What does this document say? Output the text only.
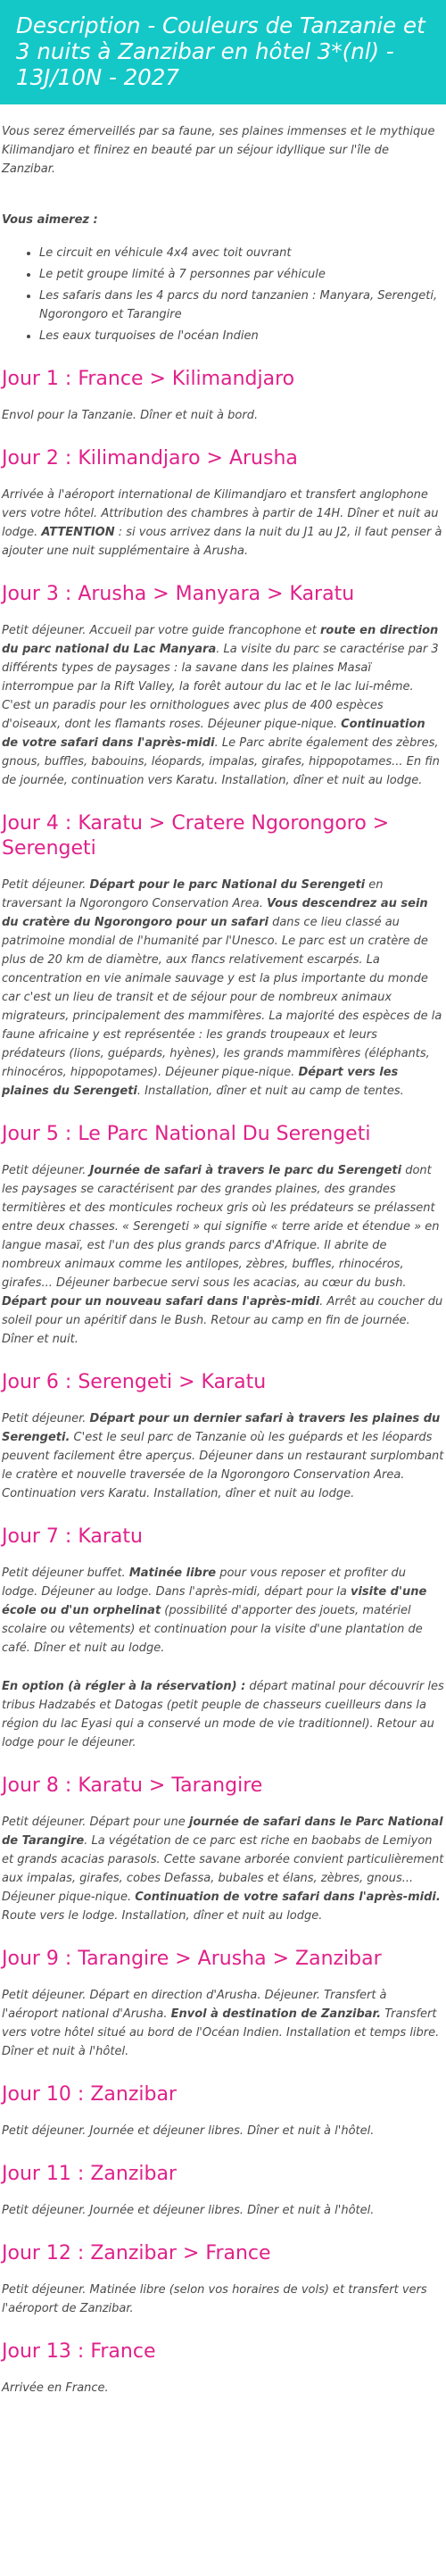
Description - Couleurs de Tanzanie et 3 nuits à Zanzibar en hôtel 3*(nl) - 13J/10N - 2027

Vous serez émerveillés par sa faune, ses plaines immenses et le mythique Kilimandjaro et finirez en beauté par un séjour idyllique sur l'île de Zanzibar.

Vous aimerez :

• Le circuit en véhicule 4x4 avec toit ouvrant
• Le petit groupe limité à 7 personnes par véhicule
• Les safaris dans les 4 parcs du nord tanzanien : Manyara, Serengeti, Ngorongoro et Tarangire
• Les eaux turquoises de l'océan Indien
Jour 1 : France > Kilimandjaro

Envol pour la Tanzanie. Dîner et nuit à bord.

Jour 2 : Kilimandjaro > Arusha

Arrivée à l'aéroport international de Kilimandjaro et transfert anglophone vers votre hôtel. Attribution des chambres à partir de 14H. Dîner et nuit au lodge. ATTENTION : si vous arrivez dans la nuit du J1 au J2, il faut penser à ajouter une nuit supplémentaire à Arusha.

Jour 3 : Arusha > Manyara > Karatu

Petit déjeuner. Accueil par votre guide francophone et route en direction du parc national du Lac Manyara. La visite du parc se caractérise par 3 différents types de paysages : la savane dans les plaines Masaï interrompue par la Rift Valley, la forêt autour du lac et le lac lui-même. C'est un paradis pour les ornithologues avec plus de 400 espèces d'oiseaux, dont les flamants roses. Déjeuner pique-nique. Continuation de votre safari dans l'après-midi. Le Parc abrite également des zèbres, gnous, buffles, babouins, léopards, impalas, girafes, hippopotames... En fin de journée, continuation vers Karatu. Installation, dîner et nuit au lodge.

Jour 4 : Karatu > Cratere Ngorongoro > Serengeti

Petit déjeuner. Départ pour le parc National du Serengeti en traversant la Ngorongoro Conservation Area. Vous descendrez au sein du cratère du Ngorongoro pour un safari dans ce lieu classé au patrimoine mondial de l'humanité par l'Unesco. Le parc est un cratère de plus de 20 km de diamètre, aux flancs relativement escarpés. La concentration en vie animale sauvage y est la plus importante du monde car c'est un lieu de transit et de séjour pour de nombreux animaux migrateurs, principalement des mammifères. La majorité des espèces de la faune africaine y est représentée : les grands troupeaux et leurs prédateurs (lions, guépards, hyènes), les grands mammifères (éléphants, rhinocéros, hippopotames). Déjeuner pique-nique. Départ vers les plaines du Serengeti. Installation, dîner et nuit au camp de tentes.

Jour 5 : Le Parc National Du Serengeti

Petit déjeuner. Journée de safari à travers le parc du Serengeti dont les paysages se caractérisent par des grandes plaines, des grandes termitières et des monticules rocheux gris où les prédateurs se prélassent entre deux chasses. « Serengeti » qui signifie « terre aride et étendue » en langue masaï, est l'un des plus grands parcs d'Afrique. Il abrite de nombreux animaux comme les antilopes, zèbres, buffles, rhinocéros, girafes... Déjeuner barbecue servi sous les acacias, au cœur du bush. Départ pour un nouveau safari dans l'après-midi. Arrêt au coucher du soleil pour un apéritif dans le Bush. Retour au camp en fin de journée. Dîner et nuit.

Jour 6 : Serengeti > Karatu

Petit déjeuner. Départ pour un dernier safari à travers les plaines du Serengeti. C'est le seul parc de Tanzanie où les guépards et les léopards peuvent facilement être aperçus. Déjeuner dans un restaurant surplombant le cratère et nouvelle traversée de la Ngorongoro Conservation Area. Continuation vers Karatu. Installation, dîner et nuit au lodge.

Jour 7 : Karatu

Petit déjeuner buffet. Matinée libre pour vous reposer et profiter du lodge. Déjeuner au lodge. Dans l'après-midi, départ pour la visite d'une école ou d'un orphelinat (possibilité d'apporter des jouets, matériel scolaire ou vêtements) et continuation pour la visite d'une plantation de café. Dîner et nuit au lodge.

En option (à régler à la réservation) : départ matinal pour découvrir les tribus Hadzabés et Datogas (petit peuple de chasseurs cueilleurs dans la région du lac Eyasi qui a conservé un mode de vie traditionnel). Retour au lodge pour le déjeuner.

Jour 8 : Karatu > Tarangire

Petit déjeuner. Départ pour une journée de safari dans le Parc National de Tarangire. La végétation de ce parc est riche en baobabs de Lemiyon et grands acacias parasols. Cette savane arborée convient particulièrement aux impalas, girafes, cobes Defassa, bubales et élans, zèbres, gnous... Déjeuner pique-nique. Continuation de votre safari dans l'après-midi. Route vers le lodge. Installation, dîner et nuit au lodge.

Jour 9 : Tarangire > Arusha > Zanzibar

Petit déjeuner. Départ en direction d'Arusha. Déjeuner. Transfert à l'aéroport national d'Arusha. Envol à destination de Zanzibar. Transfert vers votre hôtel situé au bord de l'Océan Indien. Installation et temps libre. Dîner et nuit à l'hôtel.

Jour 10 : Zanzibar

Petit déjeuner. Journée et déjeuner libres. Dîner et nuit à l'hôtel.

Jour 11 : Zanzibar

Petit déjeuner. Journée et déjeuner libres. Dîner et nuit à l'hôtel.

Jour 12 : Zanzibar > France

Petit déjeuner. Matinée libre (selon vos horaires de vols) et transfert vers l'aéroport de Zanzibar.

Jour 13 : France

Arrivée en France.
